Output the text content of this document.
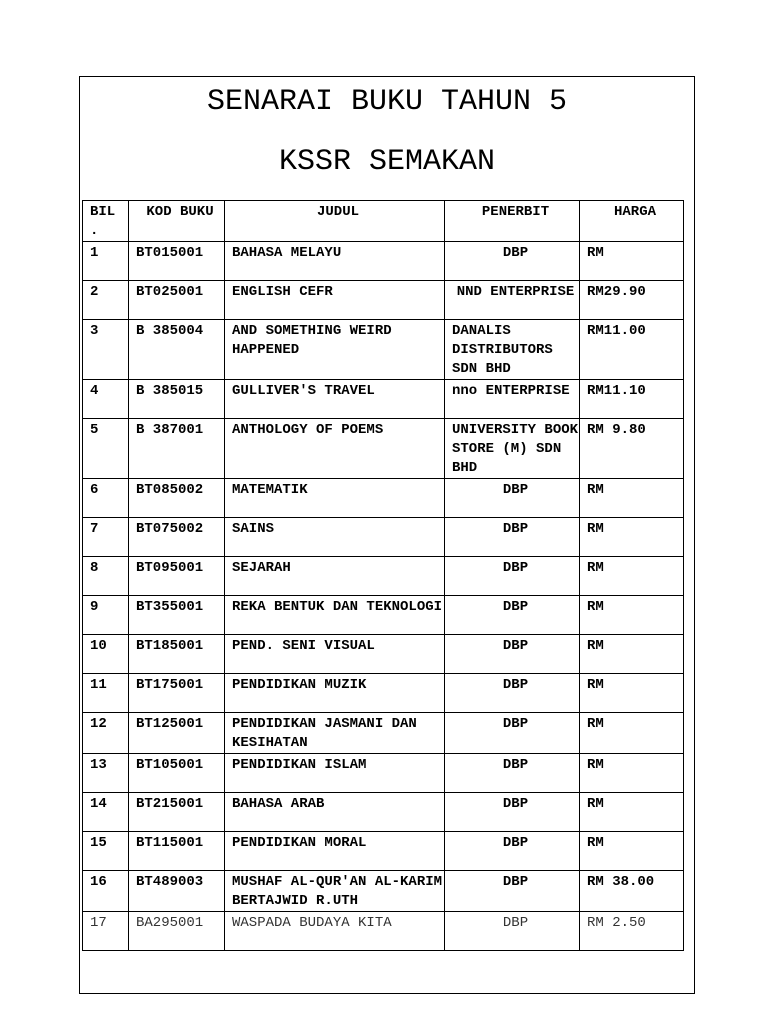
SENARAI BUKU TAHUN 5
KSSR SEMAKAN
BIL .	KOD BUKU	JUDUL	PENERBIT	HARGA
1	BT015001	BAHASA MELAYU	DBP	RM
2	BT025001	ENGLISH CEFR	NND ENTERPRISE	RM29.90
3	B 385004	AND SOMETHING WEIRD HAPPENED	DANALIS DISTRIBUTORS SDN BHD	RM11.00
4	B 385015	GULLIVER'S TRAVEL	nno ENTERPRISE	RM11.10
5	B 387001	ANTHOLOGY OF POEMS	UNIVERSITY BOOK STORE (M) SDN BHD	RM 9.80
6	BT085002	MATEMATIK	DBP	RM
7	BT075002	SAINS	DBP	RM
8	BT095001	SEJARAH	DBP	RM
9	BT355001	REKA BENTUK DAN TEKNOLOGI	DBP	RM
10	BT185001	PEND. SENI VISUAL	DBP	RM
11	BT175001	PENDIDIKAN MUZIK	DBP	RM
12	BT125001	PENDIDIKAN JASMANI DAN KESIHATAN	DBP	RM
13	BT105001	PENDIDIKAN ISLAM	DBP	RM
14	BT215001	BAHASA ARAB	DBP	RM
15	BT115001	PENDIDIKAN MORAL	DBP	RM
16	BT489003	MUSHAF AL-QUR'AN AL-KARIM BERTAJWID R.UTH	DBP	RM 38.00
17	BA295001	WASPADA BUDAYA KITA	DBP	RM 2.50
